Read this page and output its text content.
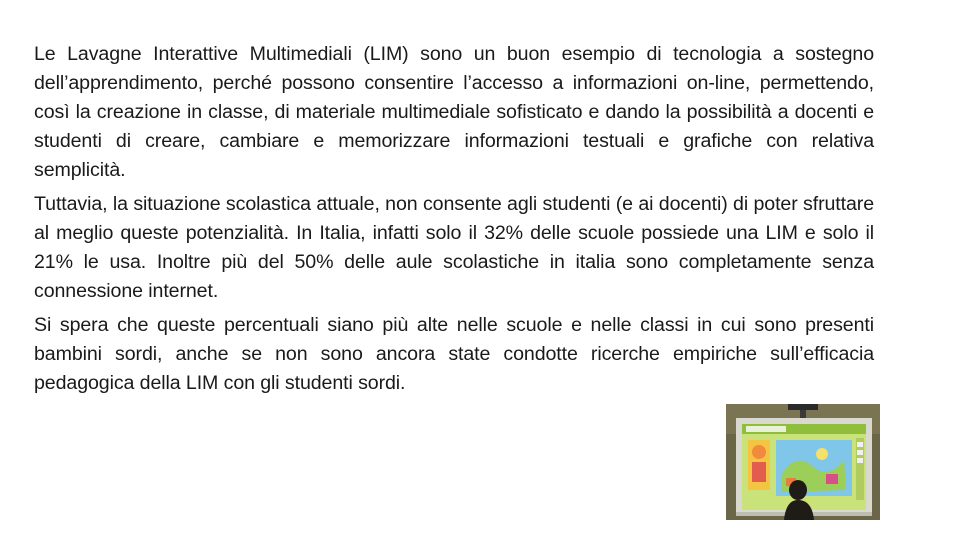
Le Lavagne Interattive Multimediali (LIM) sono un buon esempio di tecnologia a sostegno dell’apprendimento, perché possono consentire l’accesso a informazioni on-line, permettendo, così la creazione in classe, di materiale multimediale sofisticato e dando la possibilità a docenti e studenti di creare, cambiare e memorizzare informazioni testuali e grafiche con relativa semplicità.

Tuttavia, la situazione scolastica attuale, non consente agli studenti (e ai docenti) di poter sfruttare al meglio queste potenzialità. In Italia, infatti solo il 32% delle scuole possiede una LIM e solo il 21% le usa. Inoltre più del 50% delle aule scolastiche in italia sono completamente senza connessione internet.

Si spera che queste percentuali siano più alte nelle scuole e nelle classi in cui sono presenti bambini sordi, anche se non sono ancora state condotte ricerche empiriche sull’efficacia pedagogica della LIM con gli studenti sordi.
